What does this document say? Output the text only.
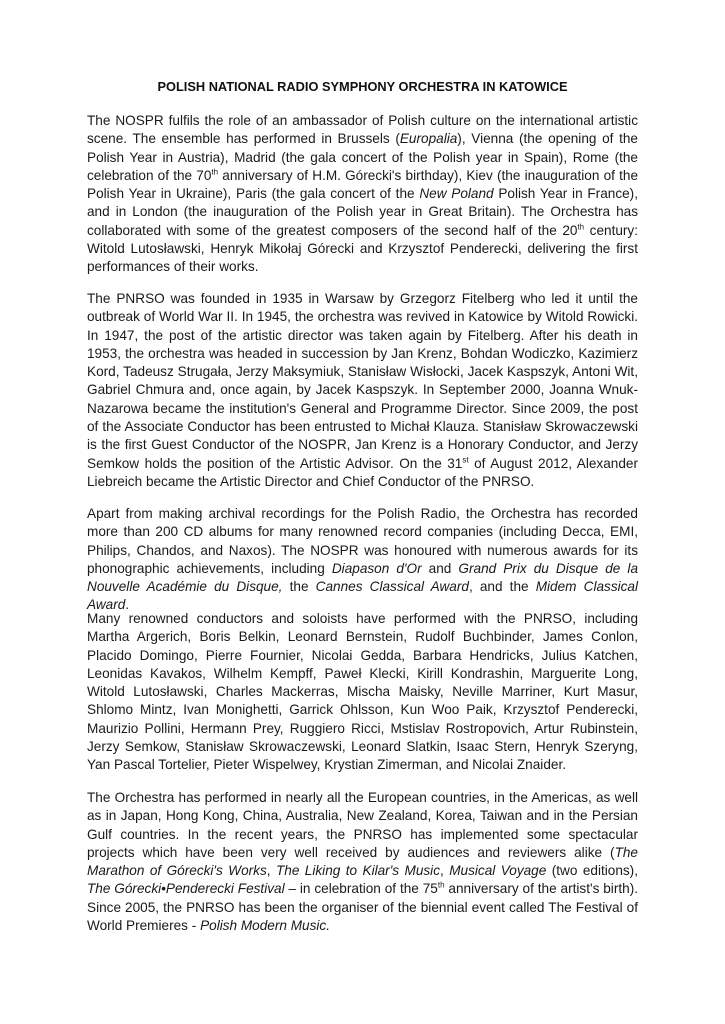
POLISH NATIONAL RADIO SYMPHONY ORCHESTRA IN KATOWICE

The NOSPR fulfils the role of an ambassador of Polish culture on the international artistic scene. The ensemble has performed in Brussels (Europalia), Vienna (the opening of the Polish Year in Austria), Madrid (the gala concert of the Polish year in Spain), Rome (the celebration of the 70th anniversary of H.M. Górecki's birthday), Kiev (the inauguration of the Polish Year in Ukraine), Paris (the gala concert of the New Poland Polish Year in France), and in London (the inauguration of the Polish year in Great Britain). The Orchestra has collaborated with some of the greatest composers of the second half of the 20th century: Witold Lutosławski, Henryk Mikołaj Górecki and Krzysztof Penderecki, delivering the first performances of their works.

The PNRSO was founded in 1935 in Warsaw by Grzegorz Fitelberg who led it until the outbreak of World War II. In 1945, the orchestra was revived in Katowice by Witold Rowicki. In 1947, the post of the artistic director was taken again by Fitelberg. After his death in 1953, the orchestra was headed in succession by Jan Krenz, Bohdan Wodiczko, Kazimierz Kord, Tadeusz Strugała, Jerzy Maksymiuk, Stanisław Wisłocki, Jacek Kaspszyk, Antoni Wit, Gabriel Chmura and, once again, by Jacek Kaspszyk. In September 2000, Joanna Wnuk-Nazarowa became the institution's General and Programme Director. Since 2009, the post of the Associate Conductor has been entrusted to Michał Klauza. Stanisław Skrowaczewski is the first Guest Conductor of the NOSPR, Jan Krenz is a Honorary Conductor, and Jerzy Semkow holds the position of the Artistic Advisor. On the 31st of August 2012, Alexander Liebreich became the Artistic Director and Chief Conductor of the PNRSO.

Apart from making archival recordings for the Polish Radio, the Orchestra has recorded more than 200 CD albums for many renowned record companies (including Decca, EMI, Philips, Chandos, and Naxos). The NOSPR was honoured with numerous awards for its phonographic achievements, including Diapason d'Or and Grand Prix du Disque de la Nouvelle Académie du Disque, the Cannes Classical Award, and the Midem Classical Award.

Many renowned conductors and soloists have performed with the PNRSO, including Martha Argerich, Boris Belkin, Leonard Bernstein, Rudolf Buchbinder, James Conlon, Placido Domingo, Pierre Fournier, Nicolai Gedda, Barbara Hendricks, Julius Katchen, Leonidas Kavakos, Wilhelm Kempff, Paweł Klecki, Kirill Kondrashin, Marguerite Long, Witold Lutosławski, Charles Mackerras, Mischa Maisky, Neville Marriner, Kurt Masur, Shlomo Mintz, Ivan Monighetti, Garrick Ohlsson, Kun Woo Paik, Krzysztof Penderecki, Maurizio Pollini, Hermann Prey, Ruggiero Ricci, Mstislav Rostropovich, Artur Rubinstein, Jerzy Semkow, Stanisław Skrowaczewski, Leonard Slatkin, Isaac Stern, Henryk Szeryng, Yan Pascal Tortelier, Pieter Wispelwey, Krystian Zimerman, and Nicolai Znaider.

The Orchestra has performed in nearly all the European countries, in the Americas, as well as in Japan, Hong Kong, China, Australia, New Zealand, Korea, Taiwan and in the Persian Gulf countries. In the recent years, the PNRSO has implemented some spectacular projects which have been very well received by audiences and reviewers alike (The Marathon of Górecki's Works, The Liking to Kilar's Music, Musical Voyage (two editions), The Górecki•Penderecki Festival – in celebration of the 75th anniversary of the artist's birth). Since 2005, the PNRSO has been the organiser of the biennial event called The Festival of World Premieres - Polish Modern Music.
